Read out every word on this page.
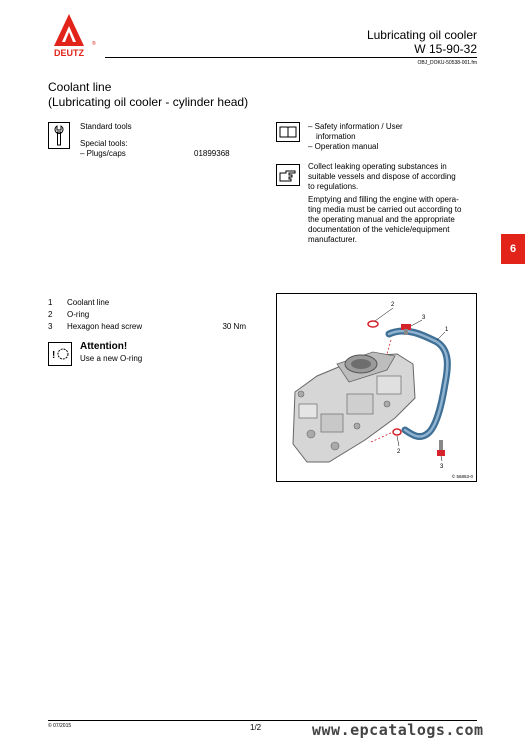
DEUTZ
®
Lubricating oil cooler
W 15-90-32
OBJ_DOKU-50538-001.fm
Coolant line
(Lubricating oil cooler - cylinder head)
Standard tools
Special tools:
– Plugs/caps	01899368
– Safety information / User
information
– Operation manual
Collect leaking operating substances in
suitable vessels and dispose of according
to regulations.
Emptying and filling the engine with opera-
ting media must be carried out according to
the operating manual and the appropriate
documentation of the vehicle/equipment
manufacturer.
6
1	Coolant line
2	O-ring
3	Hexagon head screw	30 Nm
!
Attention!
Use a new O-ring
2
3
1
2
3
© 56853-0
© 07/2015	1/2	www.epcatalogs.com
